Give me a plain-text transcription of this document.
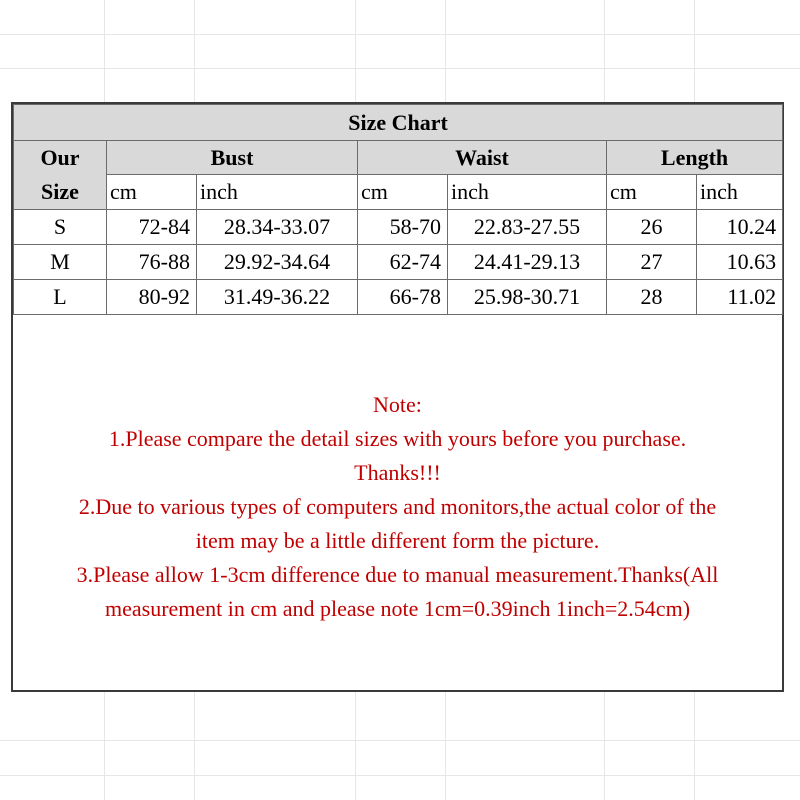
Size Chart						

Our
Size	Bust		Waist		Length	
	cm	inch	cm	inch	cm	inch
S	72-84	28.34-33.07	58-70	22.83-27.55	26	10.24
M	76-88	29.92-34.64	62-74	24.41-29.13	27	10.63
L	80-92	31.49-36.22	66-78	25.98-30.71	28	11.02
Note:
1.Please compare the detail sizes with yours before you purchase.
Thanks!!!
2.Due to various types of computers and monitors,the actual color of the
item may be a little different form the picture.
3.Please allow 1-3cm difference due to manual measurement.Thanks(All
measurement in cm and please note 1cm=0.39inch 1inch=2.54cm)
